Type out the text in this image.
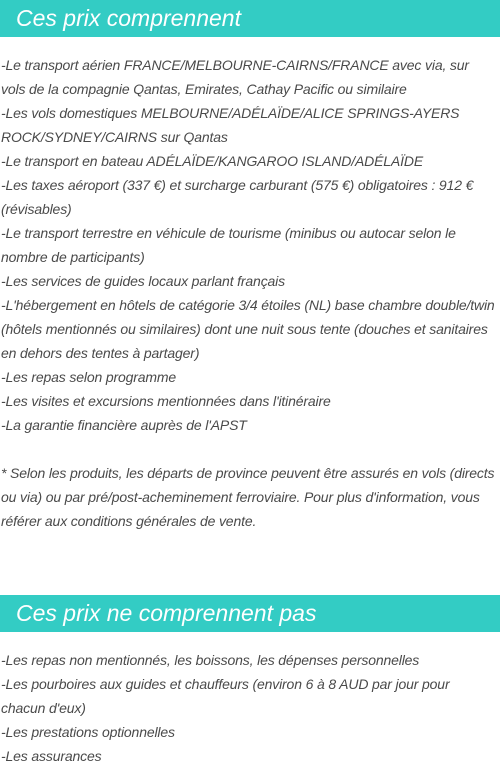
Ces prix comprennent
-Le transport aérien FRANCE/MELBOURNE-CAIRNS/FRANCE avec via, sur vols de la compagnie Qantas, Emirates, Cathay Pacific ou similaire
-Les vols domestiques MELBOURNE/ADÉLAÏDE/ALICE SPRINGS-AYERS ROCK/SYDNEY/CAIRNS sur Qantas
-Le transport en bateau ADÉLAÏDE/KANGAROO ISLAND/ADÉLAÏDE
-Les taxes aéroport (337 €) et surcharge carburant (575 €) obligatoires : 912 € (révisables)
-Le transport terrestre en véhicule de tourisme (minibus ou autocar selon le nombre de participants)
-Les services de guides locaux parlant français
-L'hébergement en hôtels de catégorie 3/4 étoiles (NL) base chambre double/twin (hôtels mentionnés ou similaires) dont une nuit sous tente (douches et sanitaires en dehors des tentes à partager)
-Les repas selon programme
-Les visites et excursions mentionnées dans l'itinéraire
-La garantie financière auprès de l'APST

* Selon les produits, les départs de province peuvent être assurés en vols (directs ou via) ou par pré/post-acheminement ferroviaire. Pour plus d'information, vous référer aux conditions générales de vente.

Ces prix ne comprennent pas
-Les repas non mentionnés, les boissons, les dépenses personnelles
-Les pourboires aux guides et chauffeurs (environ 6 à 8 AUD par jour pour chacun d'eux)
-Les prestations optionnelles
-Les assurances
